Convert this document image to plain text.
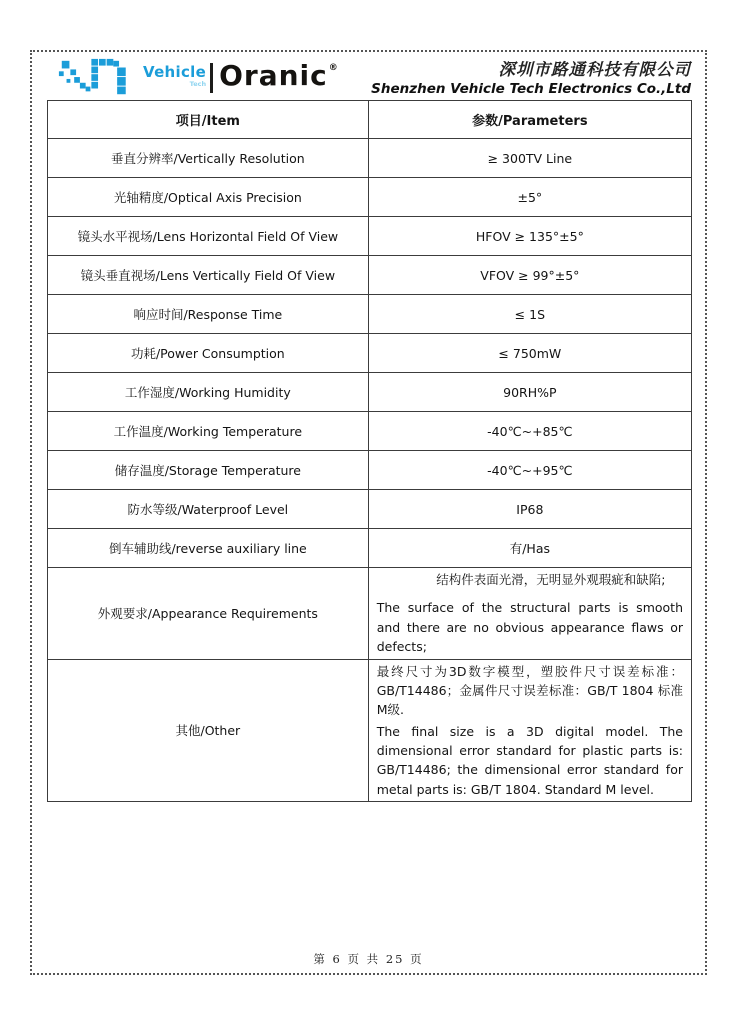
Vehicle
Tech Oranic ®	深圳市路通科技有限公司
Shenzhen Vehicle Tech Electronics Co.,Ltd
项目/Item	参数/Parameters
垂直分辨率/Vertically Resolution	≥ 300TV Line
光轴精度/Optical Axis Precision	±5°
镜头水平视场/Lens Horizontal Field Of View	HFOV ≥ 135°±5°
镜头垂直视场/Lens Vertically Field Of View	VFOV ≥ 99°±5°
响应时间/Response Time	≤ 1S
功耗/Power Consumption	≤ 750mW
工作湿度/Working Humidity	90RH%P
工作温度/Working Temperature	-40℃~+85℃
储存温度/Storage Temperature	-40℃~+95℃
防水等级/Waterproof Level	IP68
倒车辅助线/reverse auxiliary line	有/Has
外观要求/Appearance Requirements	结构件表面光滑，无明显外观瑕疵和缺陷;
The surface of the structural parts is smooth and there are no obvious appearance flaws or defects;

其他/Other	最终尺寸为3D数字模型，塑胶件尺寸误差标准：GB/T14486；金属件尺寸误差标准：GB/T 1804 标准M级.
The final size is a 3D digital model. The dimensional error standard for plastic parts is: GB/T14486; the dimensional error standard for metal parts is: GB/T 1804. Standard M level.
第 6 页 共 25 页
